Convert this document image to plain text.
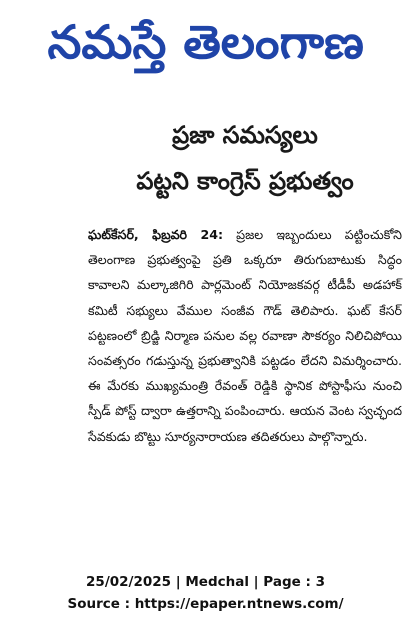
నమస్తే తెలంగాణ
ప్రజా సమస్యలు
పట్టని కాంగ్రెస్ ప్రభుత్వం
ఘట్‌కేసర్, ఫిబ్రవరి 24: ప్రజల ఇబ్బందులు పట్టించుకోని తెలంగాణ ప్రభుత్వంపై ప్రతి ఒక్కరూ తిరుగుబాటుకు సిద్ధం కావాలని మల్కాజిగిరి పార్లమెంట్ నియోజకవర్గ టీడీపీ అడహాక్ కమిటీ సభ్యులు వేముల సంజీవ గౌడ్ తెలిపారు. ఘట్ కేసర్ పట్టణంలో బ్రిడ్జి నిర్మాణ పనుల వల్ల రవాణా సౌకర్యం నిలిచిపోయి సంవత్సరం గడుస్తున్న ప్రభుత్వానికి పట్టడం లేదని విమర్శించారు. ఈ మేరకు ముఖ్యమంత్రి రేవంత్ రెడ్డికి స్థానిక పోస్టాఫీసు నుంచి స్పీడ్ పోస్ట్ ద్వారా ఉత్తరాన్ని పంపించారు. ఆయన వెంట స్వచ్ఛంద సేవకుడు బొట్టు సూర్యనారాయణ తదితరులు పాల్గొన్నారు.
25/02/2025 | Medchal | Page : 3
Source : https://epaper.ntnews.com/
